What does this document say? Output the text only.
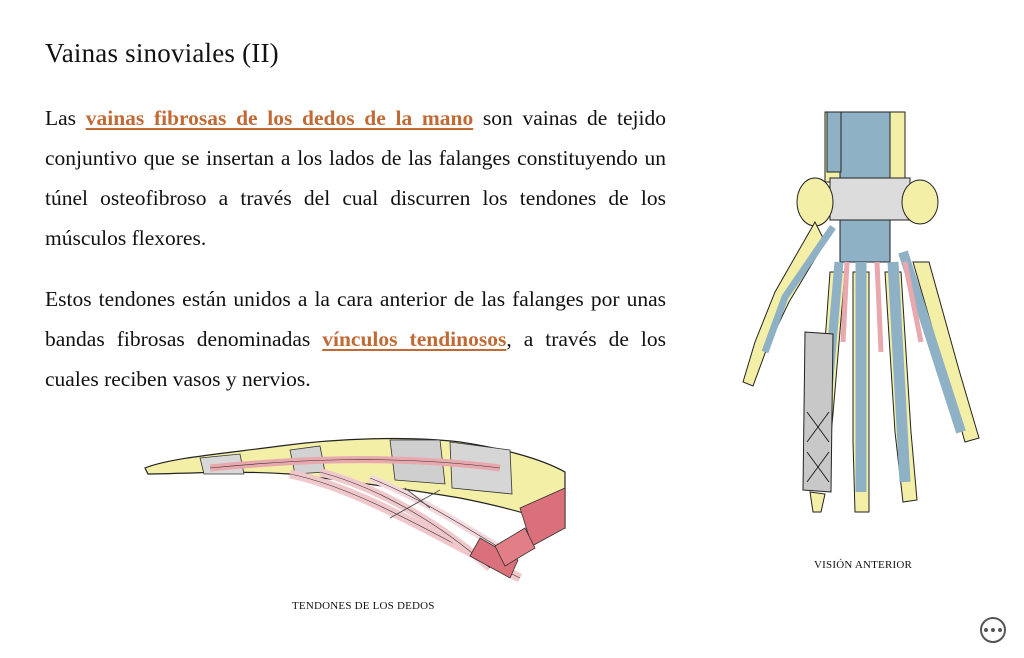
Vainas sinoviales (II)

Las vainas fibrosas de los dedos de la mano son vainas de tejido conjuntivo que se insertan a los lados de las falanges constituyendo un túnel osteofibroso a través del cual discurren los tendones de los músculos flexores.

Estos tendones están unidos a la cara anterior de las falanges por unas bandas fibrosas denominadas vínculos tendinosos, a través de los cuales reciben vasos y nervios.

TENDONES DE LOS DEDOS
VISIÓN ANTERIOR
